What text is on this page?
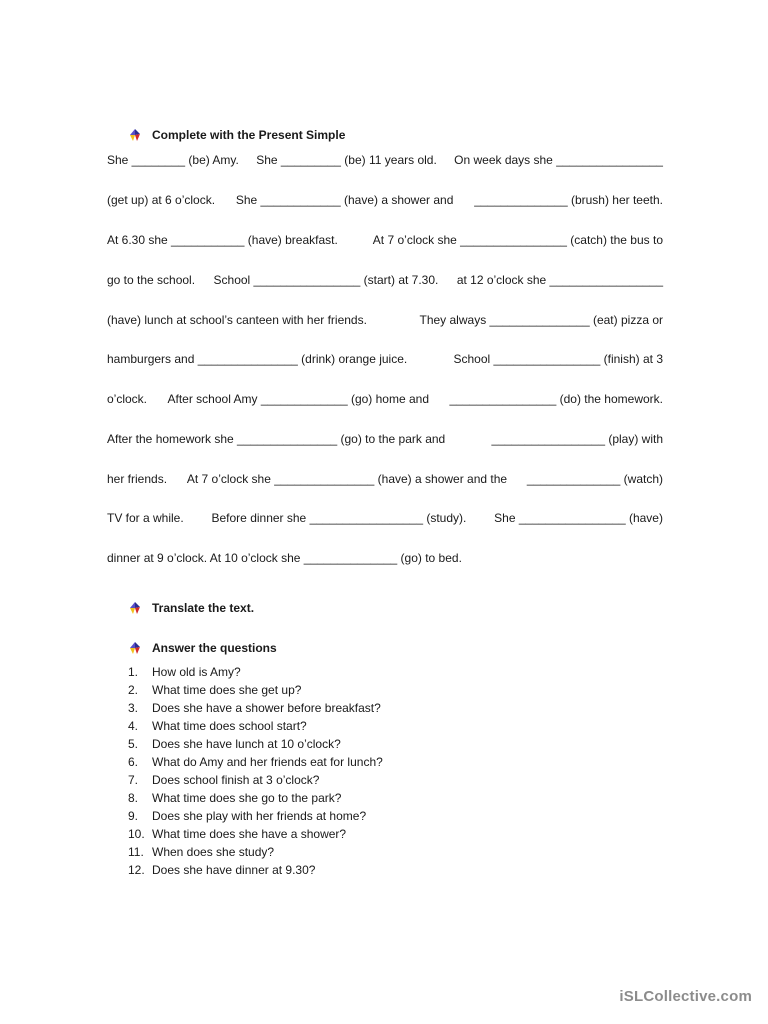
Complete with the Present Simple
She ________ (be) Amy. She _________ (be) 11 years old. On week days she ________________
(get up) at 6 o’clock. She ____________ (have) a shower and ______________ (brush) her teeth.
At 6.30 she ___________ (have) breakfast.	At 7 o’clock she ________________ (catch) the bus to
go to the school. School ________________ (start) at 7.30. at 12 o’clock she _________________
(have) lunch at school’s canteen with her friends.	They always _______________ (eat) pizza or
hamburgers and _______________ (drink) orange juice.	School ________________ (finish) at 3
o’clock. After school Amy _____________ (go) home and ________________ (do) the homework.
After the homework she _______________ (go) to the park and	_________________ (play) with
her friends. At 7 o’clock she _______________ (have) a shower and the ______________ (watch)
TV for a while. Before dinner she _________________ (study). She ________________ (have)
dinner at 9 o’clock. At 10 o’clock she ______________ (go) to bed.
Translate the text.
Answer the questions
1.	How old is Amy?
2.	What time does she get up?
3.	Does she have a shower before breakfast?
4.	What time does school start?
5.	Does she have lunch at 10 o’clock?
6.	What do Amy and her friends eat for lunch?
7.	Does school finish at 3 o’clock?
8.	What time does she go to the park?
9.	Does she play with her friends at home?
10. What time does she have a shower?
11. When does she study?
12. Does she have dinner at 9.30?
iSLCollective.com
